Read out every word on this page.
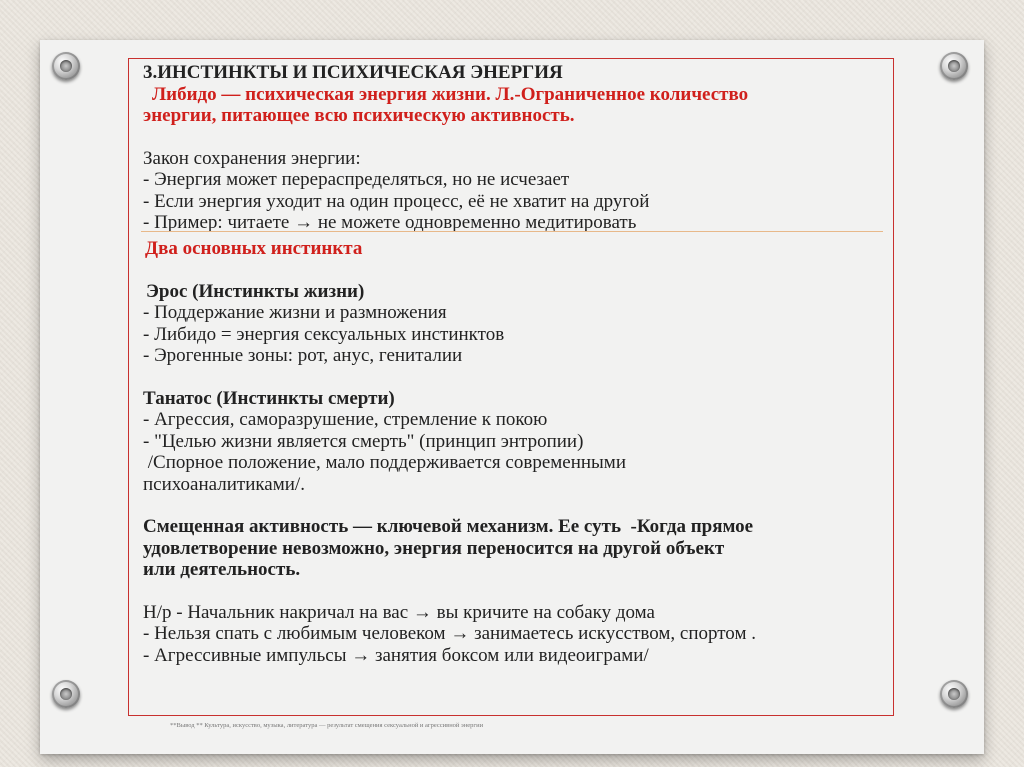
3.ИНСТИНКТЫ И ПСИХИЧЕСКАЯ ЭНЕРГИЯ
Либидо — психическая энергия жизни. Л.-Ограниченное количество
энергии, питающее всю психическую активность.
Закон сохранения энергии:
- Энергия может перераспределяться, но не исчезает
- Если энергия уходит на один процесс, её не хватит на другой
- Пример: читаете → не можете одновременно медитировать
Два основных инстинкта
Эрос (Инстинкты жизни)
- Поддержание жизни и размножения
- Либидо = энергия сексуальных инстинктов
- Эрогенные зоны: рот, анус, гениталии
Танатос (Инстинкты смерти)
- Агрессия, саморазрушение, стремление к покою
- "Целью жизни является смерть" (принцип энтропии)
/Спорное положение, мало поддерживается современными
психоаналитиками/.
Смещенная активность — ключевой механизм. Ее суть  -Когда прямое
удовлетворение невозможно, энергия переносится на другой объект
или деятельность.
Н/р - Начальник накричал на вас → вы кричите на собаку дома
- Нельзя спать с любимым человеком → занимаетесь искусством, спортом .
- Агрессивные импульсы → занятия боксом или видеоиграми/
**Вывод ** Культура, искусство, музыка, литература — результат смещения сексуальной и агрессивной энергии
